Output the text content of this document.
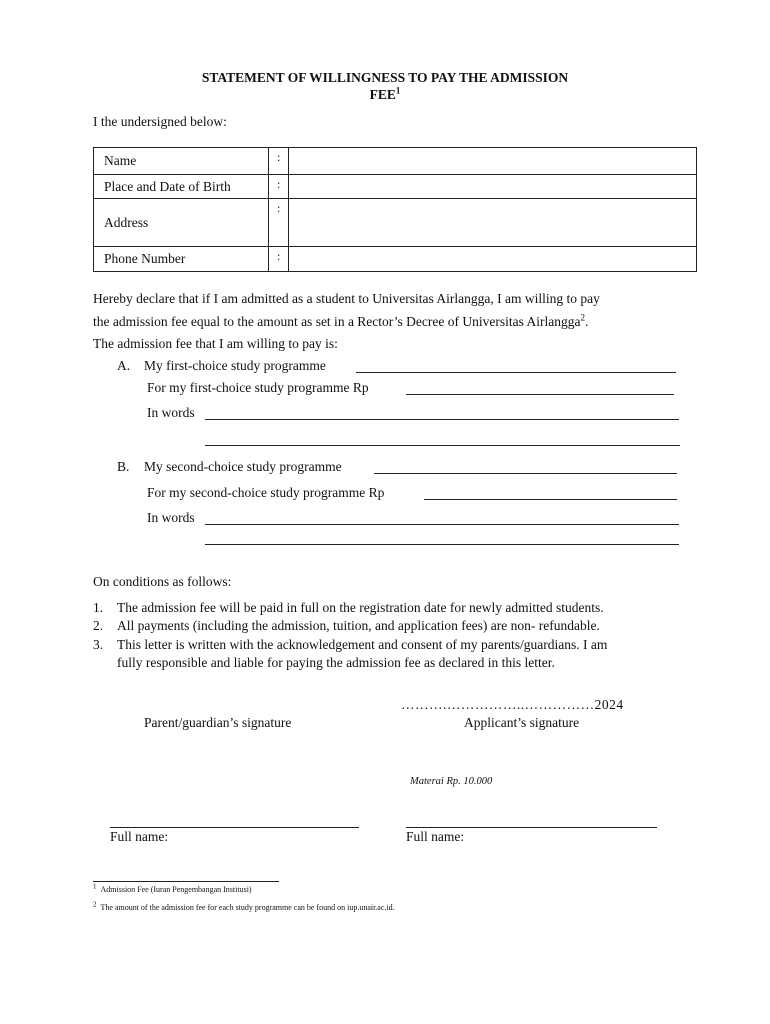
STATEMENT OF WILLINGNESS TO PAY THE ADMISSION
FEE$^1$
I the undersigned below:
Name	:	
Place and Date of Birth	:	
Address	:	
Phone Number	:	
Hereby declare that if I am admitted as a student to Universitas Airlangga, I am willing to pay
the admission fee equal to the amount as set in a Rector’s Decree of Universitas Airlangga$^2$.
The admission fee that I am willing to pay is:
A. My first-choice study programme
For my first-choice study programme Rp
In words
B. My second-choice study programme
For my second-choice study programme Rp
In words
On conditions as follows:
1. The admission fee will be paid in full on the registration date for newly admitted students.
2. All payments (including the admission, tuition, and application fees) are non- refundable.
3. This letter is written with the acknowledgement and consent of my parents/guardians. I am
fully responsible and liable for paying the admission fee as declared in this letter.
……….……………..……………2024
Parent/guardian’s signature	Applicant’s signature
Materai Rp. 10.000
Full name:	Full name:
$^1$ Admission Fee (Iuran Pengembangan Institusi)
$^2$ The amount of the admission fee for each study programme can be found on iup.unair.ac.id.
